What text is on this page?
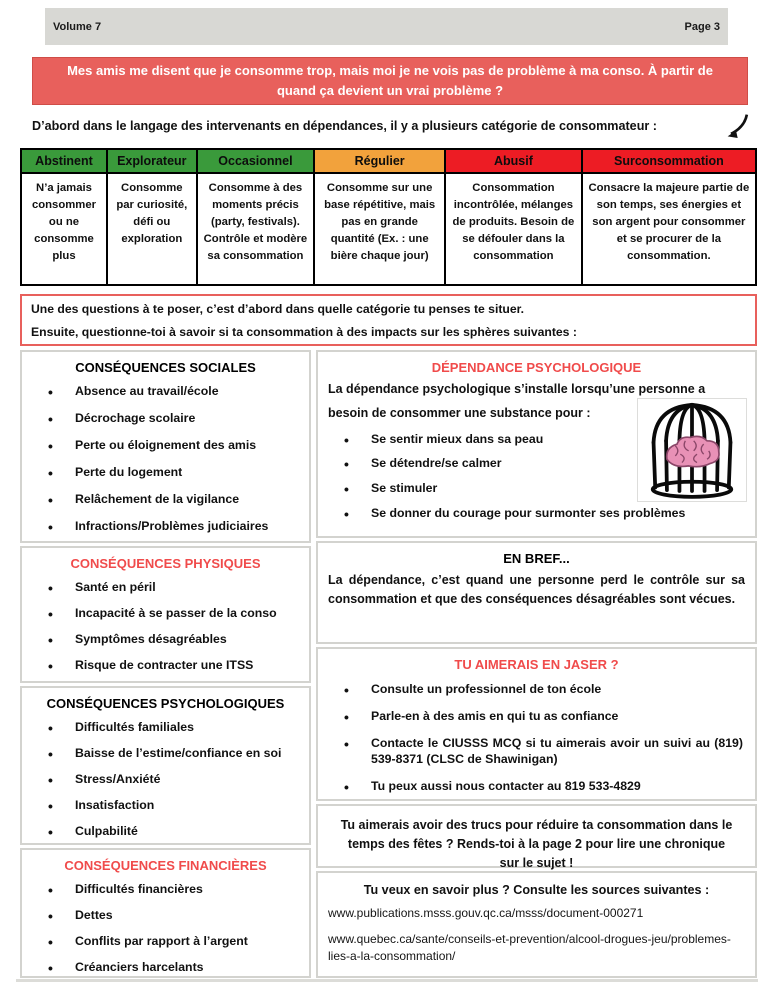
Volume 7	Page 3
Mes amis me disent que je consomme trop, mais moi je ne vois pas de problème à ma conso. À partir de quand ça devient un vrai problème ?
D’abord dans le langage des intervenants en dépendances, il y a plusieurs catégorie de consommateur :
Abstinent	Explorateur	Occasionnel	Régulier	Abusif	Surconsommation
N’a jamais consommer ou ne consomme plus	Consomme par curiosité, défi ou exploration	Consomme à des moments précis (party, festivals). Contrôle et modère sa consommation	Consomme sur une base répétitive, mais pas en grande quantité (Ex. : une bière chaque jour)	Consommation incontrôlée, mélanges de produits. Besoin de se défouler dans la consommation	Consacre la majeure partie de son temps, ses énergies et son argent pour consommer et se procurer de la consommation.
Une des questions à te poser, c’est d’abord dans quelle catégorie tu penses te situer.
Ensuite, questionne-toi à savoir si ta consommation à des impacts sur les sphères suivantes :
CONSÉQUENCES SOCIALES
• Absence au travail/école
• Décrochage scolaire
• Perte ou éloignement des amis
• Perte du logement
• Relâchement de la vigilance
• Infractions/Problèmes judiciaires
CONSÉQUENCES PHYSIQUES
• Santé en péril
• Incapacité à se passer de la conso
• Symptômes désagréables
• Risque de contracter une ITSS
CONSÉQUENCES PSYCHOLOGIQUES
• Difficultés familiales
• Baisse de l’estime/confiance en soi
• Stress/Anxiété
• Insatisfaction
• Culpabilité
CONSÉQUENCES FINANCIÈRES
• Difficultés financières
• Dettes
• Conflits par rapport à l’argent
• Créanciers harcelants
DÉPENDANCE PSYCHOLOGIQUE
La dépendance psychologique s’installe lorsqu’une personne a
besoin de consommer une substance pour :
• Se sentir mieux dans sa peau
• Se détendre/se calmer
• Se stimuler
• Se donner du courage pour surmonter ses problèmes
EN BREF...
La dépendance, c’est quand une personne perd le contrôle sur sa consommation et que des conséquences désagréables sont vécues.
TU AIMERAIS EN JASER ?
• Consulte un professionnel de ton école
• Parle-en à des amis en qui tu as confiance
• Contacte le CIUSSS MCQ si tu aimerais avoir un suivi au (819) 539-8371 (CLSC de Shawinigan)
• Tu peux aussi nous contacter au 819 533-4829
Tu aimerais avoir des trucs pour réduire ta consommation dans le temps des fêtes ? Rends-toi à la page 2 pour lire une chronique sur le sujet !
Tu veux en savoir plus ? Consulte les sources suivantes :
www.publications.msss.gouv.qc.ca/msss/document-000271
www.quebec.ca/sante/conseils-et-prevention/alcool-drogues-jeu/problemes-lies-a-la-consommation/
